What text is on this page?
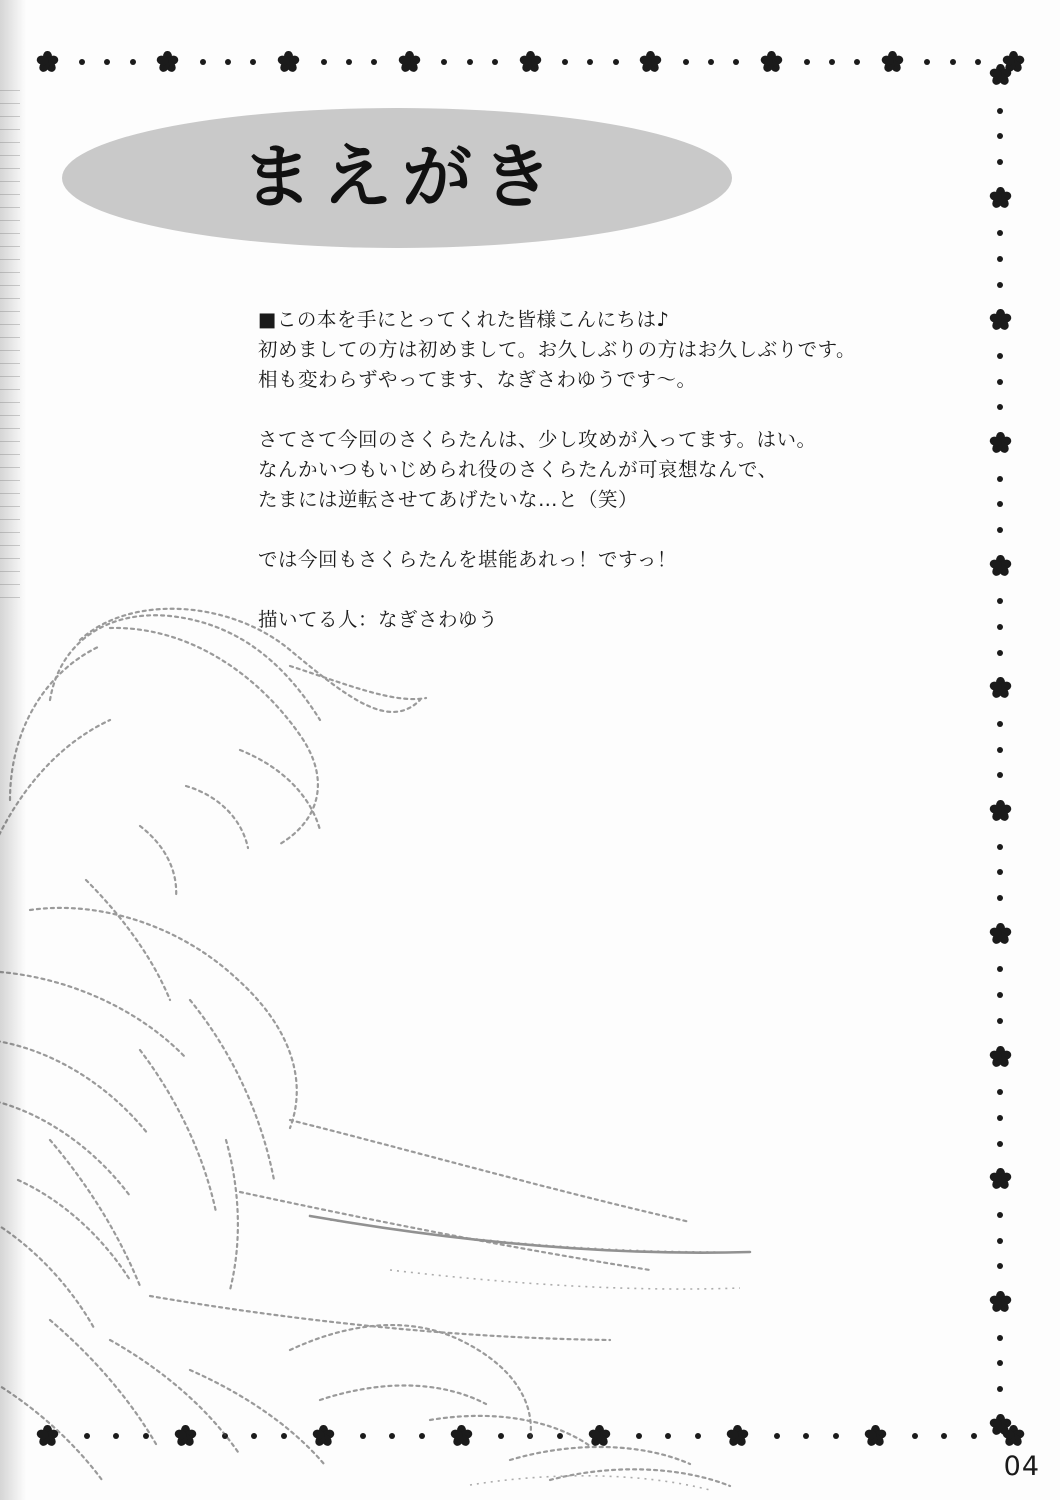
まえがき

■この本を手にとってくれた皆様こんにちは♪

初めましての方は初めまして。お久しぶりの方はお久しぶりです。

相も変わらずやってます、なぎさわゆうです～。

さてさて今回のさくらたんは、少し攻めが入ってます。はい。

なんかいつもいじめられ役のさくらたんが可哀想なんで、

たまには逆転させてあげたいな…と（笑）

では今回もさくらたんを堪能あれっ！ですっ！

描いてる人：なぎさわゆう

04
